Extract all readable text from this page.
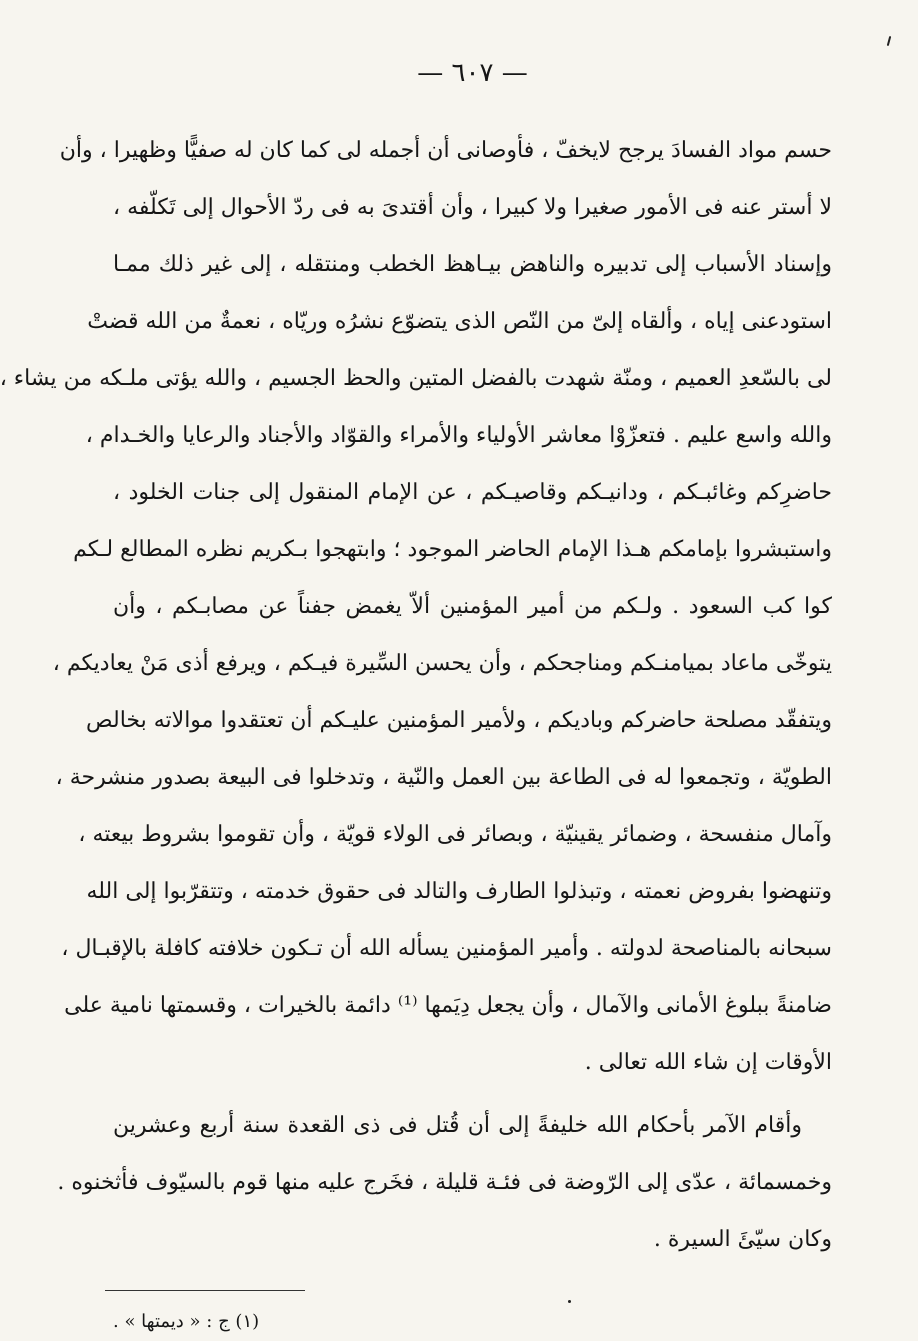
— ٦٠٧ —
حسم مواد الفسادَ يرجح لايخفّ ، فأوصانى أن أجمله لى كما كان له صفيًّا وظهيرا ، وأن
لا أستر عنه فى الأمور صغيرا ولا كبيرا ، وأن أقتدىَ به فى ردّ الأحوال إلى تَكلّفه ،
وإسناد الأسباب إلى تدبيره والناهض بيـاهظ الخطب ومنتقله ، إلى غير ذلك ممـا
استودعنى إياه ، وألقاه إلىّ من النّص الذى يتضوّع نشرُه وريّاه ، نعمةٌ من الله قضتْ
لى بالسّعدِ العميم ، ومنّة شهدت بالفضل المتين والحظ الجسيم ، والله يؤتى ملـكه من يشاء ،
والله واسع عليم . فتعزّوْا معاشر الأولياء والأمراء والقوّاد والأجناد والرعايا والخـدام ،
حاضرِكم وغائبـكم ، ودانيـكم وقاصيـكم ، عن الإمام المنقول إلى جنات الخلود ،
واستبشروا بإمامكم هـذا الإمام الحاضر الموجود ؛ وابتهجوا بـكريم نظره المطالع لـكم
كوا كب السعود . ولـكم من أمير المؤمنين ألاّ يغمض جفناً عن مصابـكم ، وأن
يتوخّى ماعاد بميامنـكم ومناجحكم ، وأن يحسن السِّيرة فيـكم ، ويرفع أذى مَنْ يعاديكم ،
ويتفقّد مصلحة حاضركم وباديكم ، ولأمير المؤمنين عليـكم أن تعتقدوا موالاته بخالص
الطويّة ، وتجمعوا له فى الطاعة بين العمل والنّية ، وتدخلوا فى البيعة بصدور منشرحة ،
وآمال منفسحة ، وضمائر يقينيّة ، وبصائر فى الولاء قويّة ، وأن تقوموا بشروط بيعته ،
وتنهضوا بفروض نعمته ، وتبذلوا الطارف والتالد فى حقوق خدمته ، وتتقرّبوا إلى الله
سبحانه بالمناصحة لدولته . وأمير المؤمنين يسأله الله أن تـكون خلافته كافلة بالإقبـال ،
ضامنةً ببلوغ الأمانى والآمال ، وأن يجعل دِيَمها ⁽¹⁾ دائمة بالخيرات ، وقسمتها نامية على
الأوقات إن شاء الله تعالى .
وأقام الآمر بأحكام الله خليفةً إلى أن قُتل فى ذى القعدة سنة أربع وعشرين
وخمسمائة ، عدّى إلى الرّوضة فى فئـة قليلة ، فخَرج عليه منها قوم بالسيّوف فأثخنوه .
وكان سيّئَ السيرة .
(١) ج : « ديمتها » .
